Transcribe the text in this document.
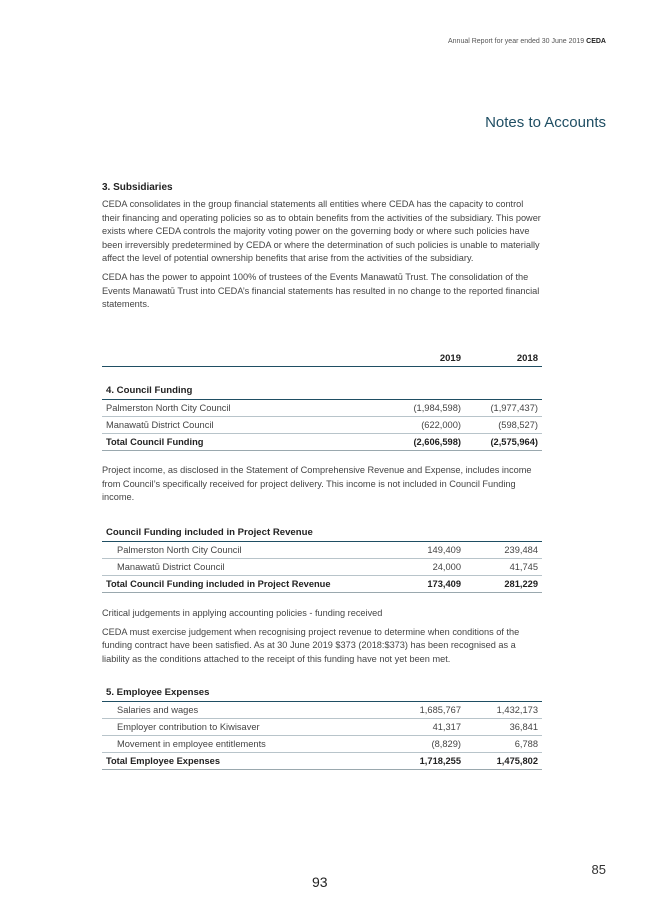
Annual Report for year ended 30 June 2019 CEDA
Notes to Accounts
3. Subsidiaries

CEDA consolidates in the group financial statements all entities where CEDA has the capacity to control their financing and operating policies so as to obtain benefits from the activities of the subsidiary. This power exists where CEDA controls the majority voting power on the governing body or where such policies have been irreversibly predetermined by CEDA or where the determination of such policies is unable to materially affect the level of potential ownership benefits that arise from the activities of the subsidiary.

CEDA has the power to appoint 100% of trustees of the Events Manawatū Trust. The consolidation of the Events Manawatū Trust into CEDA’s financial statements has resulted in no change to the reported financial statements.

2019	2018
4. Council Funding
Palmerston North City Council	(1,984,598)	(1,977,437)
Manawatū District Council	(622,000)	(598,527)
Total Council Funding	(2,606,598)	(2,575,964)

Project income, as disclosed in the Statement of Comprehensive Revenue and Expense, includes income from Council’s specifically received for project delivery. This income is not included in Council Funding income.

Council Funding included in Project Revenue
Palmerston North City Council	149,409	239,484
Manawatū District Council	24,000	41,745
Total Council Funding included in Project Revenue	173,409	281,229

Critical judgements in applying accounting policies - funding received

CEDA must exercise judgement when recognising project revenue to determine when conditions of the funding contract have been satisfied. As at 30 June 2019 $373 (2018:$373) has been recognised as a liability as the conditions attached to the receipt of this funding have not yet been met.

5. Employee Expenses
Salaries and wages	1,685,767	1,432,173
Employer contribution to Kiwisaver	41,317	36,841
Movement in employee entitlements	(8,829)	6,788
Total Employee Expenses	1,718,255	1,475,802
85
93
